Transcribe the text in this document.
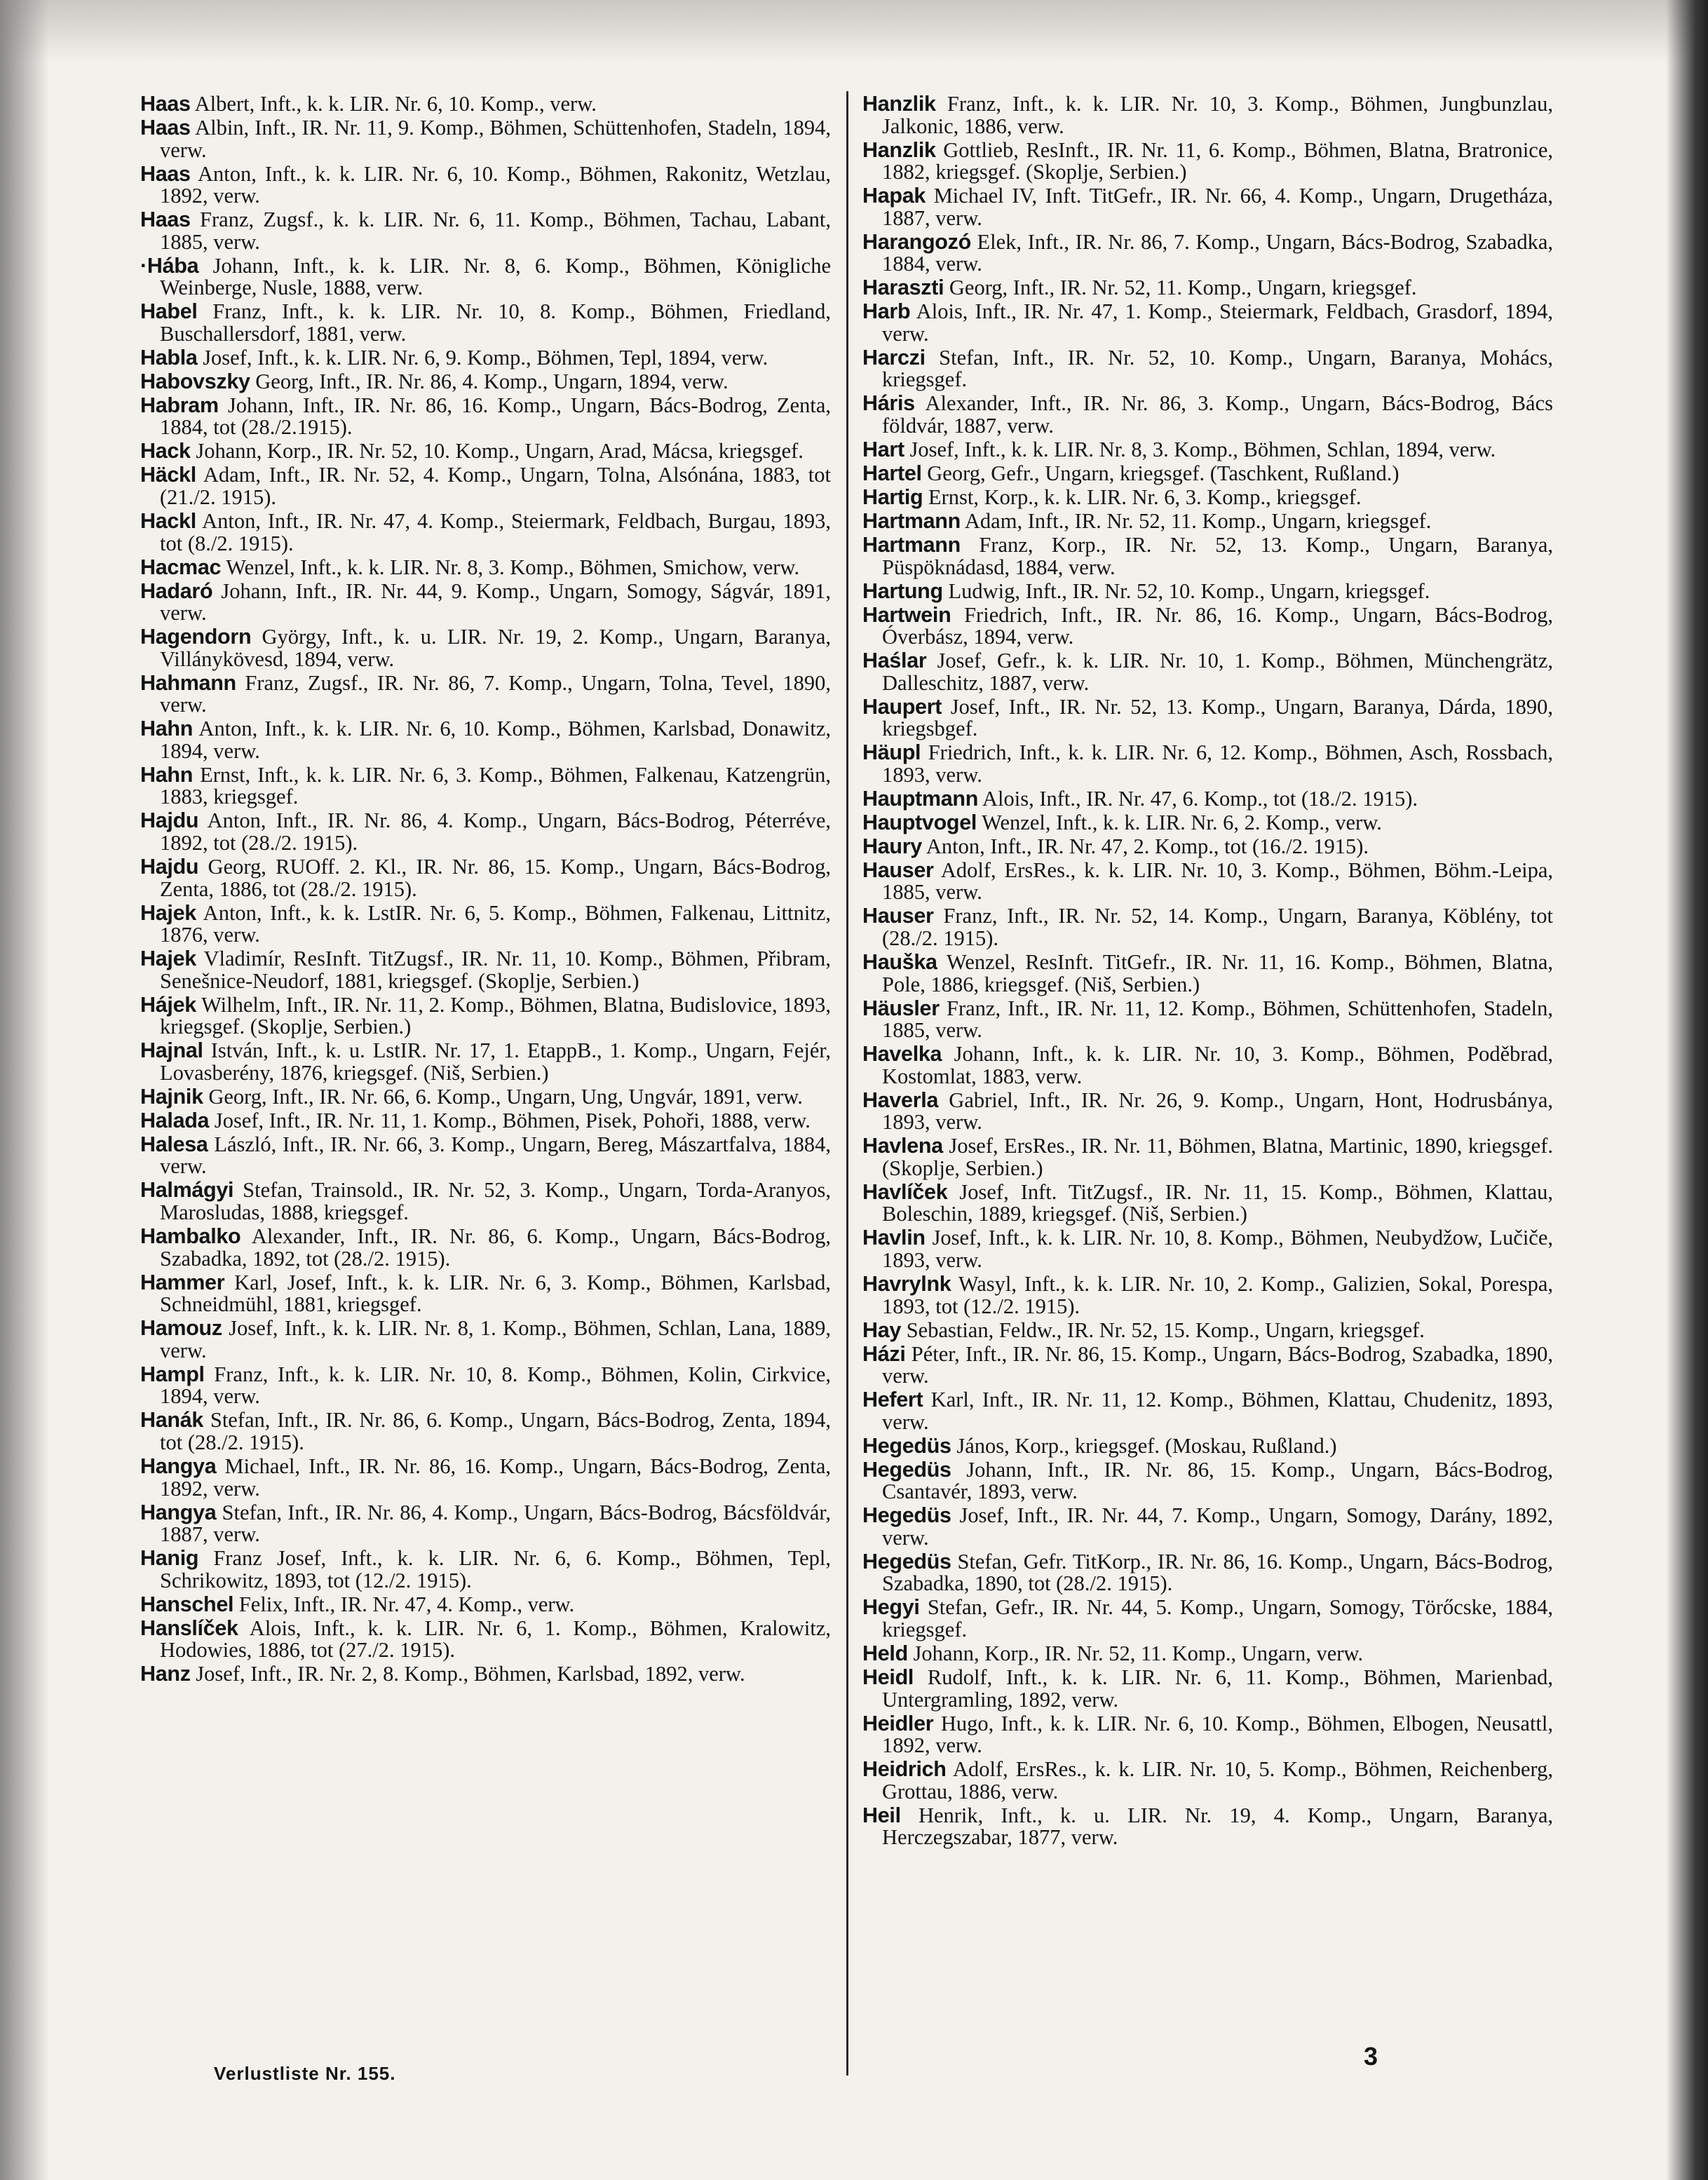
Haas Albert, Inft., k. k. LIR. Nr. 6, 10. Komp., verw.

Haas Albin, Inft., IR. Nr. 11, 9. Komp., Böhmen, Schüttenhofen, Stadeln, 1894, verw.

Haas Anton, Inft., k. k. LIR. Nr. 6, 10. Komp., Böhmen, Rakonitz, Wetzlau, 1892, verw.

Haas Franz, Zugsf., k. k. LIR. Nr. 6, 11. Komp., Böhmen, Tachau, Labant, 1885, verw.

·Hába Johann, Inft., k. k. LIR. Nr. 8, 6. Komp., Böhmen, Königliche Weinberge, Nusle, 1888, verw.

Habel Franz, Inft., k. k. LIR. Nr. 10, 8. Komp., Böhmen, Friedland, Buschallersdorf, 1881, verw.

Habla Josef, Inft., k. k. LIR. Nr. 6, 9. Komp., Böhmen, Tepl, 1894, verw.

Habovszky Georg, Inft., IR. Nr. 86, 4. Komp., Ungarn, 1894, verw.

Habram Johann, Inft., IR. Nr. 86, 16. Komp., Ungarn, Bács-Bodrog, Zenta, 1884, tot (28./2.1915).

Hack Johann, Korp., IR. Nr. 52, 10. Komp., Ungarn, Arad, Mácsa, kriegsgef.

Häckl Adam, Inft., IR. Nr. 52, 4. Komp., Ungarn, Tolna, Alsónána, 1883, tot (21./2. 1915).

Hackl Anton, Inft., IR. Nr. 47, 4. Komp., Steiermark, Feldbach, Burgau, 1893, tot (8./2. 1915).

Hacmac Wenzel, Inft., k. k. LIR. Nr. 8, 3. Komp., Böhmen, Smichow, verw.

Hadaró Johann, Inft., IR. Nr. 44, 9. Komp., Ungarn, Somogy, Ságvár, 1891, verw.

Hagendorn György, Inft., k. u. LIR. Nr. 19, 2. Komp., Ungarn, Baranya, Villánykövesd, 1894, verw.

Hahmann Franz, Zugsf., IR. Nr. 86, 7. Komp., Ungarn, Tolna, Tevel, 1890, verw.

Hahn Anton, Inft., k. k. LIR. Nr. 6, 10. Komp., Böhmen, Karlsbad, Donawitz, 1894, verw.

Hahn Ernst, Inft., k. k. LIR. Nr. 6, 3. Komp., Böhmen, Falkenau, Katzengrün, 1883, kriegsgef.

Hajdu Anton, Inft., IR. Nr. 86, 4. Komp., Ungarn, Bács-Bodrog, Péterréve, 1892, tot (28./2. 1915).

Hajdu Georg, RUOff. 2. Kl., IR. Nr. 86, 15. Komp., Ungarn, Bács-Bodrog, Zenta, 1886, tot (28./2. 1915).

Hajek Anton, Inft., k. k. LstIR. Nr. 6, 5. Komp., Böhmen, Falkenau, Littnitz, 1876, verw.

Hajek Vladimír, ResInft. TitZugsf., IR. Nr. 11, 10. Komp., Böhmen, Přibram, Senešnice-Neudorf, 1881, kriegsgef. (Skoplje, Serbien.)

Hájek Wilhelm, Inft., IR. Nr. 11, 2. Komp., Böhmen, Blatna, Budislovice, 1893, kriegsgef. (Skoplje, Serbien.)

Hajnal István, Inft., k. u. LstIR. Nr. 17, 1. EtappB., 1. Komp., Ungarn, Fejér, Lovasberény, 1876, kriegsgef. (Niš, Serbien.)

Hajnik Georg, Inft., IR. Nr. 66, 6. Komp., Ungarn, Ung, Ungvár, 1891, verw.

Halada Josef, Inft., IR. Nr. 11, 1. Komp., Böhmen, Pisek, Pohoři, 1888, verw.

Halesa László, Inft., IR. Nr. 66, 3. Komp., Ungarn, Bereg, Mászartfalva, 1884, verw.

Halmágyi Stefan, Trainsold., IR. Nr. 52, 3. Komp., Ungarn, Torda-Aranyos, Marosludas, 1888, kriegsgef.

Hambalko Alexander, Inft., IR. Nr. 86, 6. Komp., Ungarn, Bács-Bodrog, Szabadka, 1892, tot (28./2. 1915).

Hammer Karl, Josef, Inft., k. k. LIR. Nr. 6, 3. Komp., Böhmen, Karlsbad, Schneidmühl, 1881, kriegsgef.

Hamouz Josef, Inft., k. k. LIR. Nr. 8, 1. Komp., Böhmen, Schlan, Lana, 1889, verw.

Hampl Franz, Inft., k. k. LIR. Nr. 10, 8. Komp., Böhmen, Kolin, Cirkvice, 1894, verw.

Hanák Stefan, Inft., IR. Nr. 86, 6. Komp., Ungarn, Bács-Bodrog, Zenta, 1894, tot (28./2. 1915).

Hangya Michael, Inft., IR. Nr. 86, 16. Komp., Ungarn, Bács-Bodrog, Zenta, 1892, verw.

Hangya Stefan, Inft., IR. Nr. 86, 4. Komp., Ungarn, Bács-Bodrog, Bácsföldvár, 1887, verw.

Hanig Franz Josef, Inft., k. k. LIR. Nr. 6, 6. Komp., Böhmen, Tepl, Schrikowitz, 1893, tot (12./2. 1915).

Hanschel Felix, Inft., IR. Nr. 47, 4. Komp., verw.

Hanslíček Alois, Inft., k. k. LIR. Nr. 6, 1. Komp., Böhmen, Kralowitz, Hodowies, 1886, tot (27./2. 1915).

Hanz Josef, Inft., IR. Nr. 2, 8. Komp., Böhmen, Karlsbad, 1892, verw.

Hanzlik Franz, Inft., k. k. LIR. Nr. 10, 3. Komp., Böhmen, Jungbunzlau, Jalkonic, 1886, verw.

Hanzlik Gottlieb, ResInft., IR. Nr. 11, 6. Komp., Böhmen, Blatna, Bratronice, 1882, kriegsgef. (Skoplje, Serbien.)

Hapak Michael IV, Inft. TitGefr., IR. Nr. 66, 4. Komp., Ungarn, Drugetháza, 1887, verw.

Harangozó Elek, Inft., IR. Nr. 86, 7. Komp., Ungarn, Bács-Bodrog, Szabadka, 1884, verw.

Haraszti Georg, Inft., IR. Nr. 52, 11. Komp., Ungarn, kriegsgef.

Harb Alois, Inft., IR. Nr. 47, 1. Komp., Steiermark, Feldbach, Grasdorf, 1894, verw.

Harczi Stefan, Inft., IR. Nr. 52, 10. Komp., Ungarn, Baranya, Mohács, kriegsgef.

Háris Alexander, Inft., IR. Nr. 86, 3. Komp., Ungarn, Bács-Bodrog, Bács földvár, 1887, verw.

Hart Josef, Inft., k. k. LIR. Nr. 8, 3. Komp., Böhmen, Schlan, 1894, verw.

Hartel Georg, Gefr., Ungarn, kriegsgef. (Taschkent, Rußland.)

Hartig Ernst, Korp., k. k. LIR. Nr. 6, 3. Komp., kriegsgef.

Hartmann Adam, Inft., IR. Nr. 52, 11. Komp., Ungarn, kriegsgef.

Hartmann Franz, Korp., IR. Nr. 52, 13. Komp., Ungarn, Baranya, Püspöknádasd, 1884, verw.

Hartung Ludwig, Inft., IR. Nr. 52, 10. Komp., Ungarn, kriegsgef.

Hartwein Friedrich, Inft., IR. Nr. 86, 16. Komp., Ungarn, Bács-Bodrog, Óverbász, 1894, verw.

Haślar Josef, Gefr., k. k. LIR. Nr. 10, 1. Komp., Böhmen, Münchengrätz, Dalleschitz, 1887, verw.

Haupert Josef, Inft., IR. Nr. 52, 13. Komp., Ungarn, Baranya, Dárda, 1890, kriegsbgef.

Häupl Friedrich, Inft., k. k. LIR. Nr. 6, 12. Komp., Böhmen, Asch, Rossbach, 1893, verw.

Hauptmann Alois, Inft., IR. Nr. 47, 6. Komp., tot (18./2. 1915).

Hauptvogel Wenzel, Inft., k. k. LIR. Nr. 6, 2. Komp., verw.

Haury Anton, Inft., IR. Nr. 47, 2. Komp., tot (16./2. 1915).

Hauser Adolf, ErsRes., k. k. LIR. Nr. 10, 3. Komp., Böhmen, Böhm.-Leipa, 1885, verw.

Hauser Franz, Inft., IR. Nr. 52, 14. Komp., Ungarn, Baranya, Köblény, tot (28./2. 1915).

Hauška Wenzel, ResInft. TitGefr., IR. Nr. 11, 16. Komp., Böhmen, Blatna, Pole, 1886, kriegsgef. (Niš, Serbien.)

Häusler Franz, Inft., IR. Nr. 11, 12. Komp., Böhmen, Schüttenhofen, Stadeln, 1885, verw.

Havelka Johann, Inft., k. k. LIR. Nr. 10, 3. Komp., Böhmen, Poděbrad, Kostomlat, 1883, verw.

Haverla Gabriel, Inft., IR. Nr. 26, 9. Komp., Ungarn, Hont, Hodrusbánya, 1893, verw.

Havlena Josef, ErsRes., IR. Nr. 11, Böhmen, Blatna, Martinic, 1890, kriegsgef. (Skoplje, Serbien.)

Havlíček Josef, Inft. TitZugsf., IR. Nr. 11, 15. Komp., Böhmen, Klattau, Boleschin, 1889, kriegsgef. (Niš, Serbien.)

Havlin Josef, Inft., k. k. LIR. Nr. 10, 8. Komp., Böhmen, Neubydžow, Lučiče, 1893, verw.

Havrylnk Wasyl, Inft., k. k. LIR. Nr. 10, 2. Komp., Galizien, Sokal, Porespa, 1893, tot (12./2. 1915).

Hay Sebastian, Feldw., IR. Nr. 52, 15. Komp., Ungarn, kriegsgef.

Házi Péter, Inft., IR. Nr. 86, 15. Komp., Ungarn, Bács-Bodrog, Szabadka, 1890, verw.

Hefert Karl, Inft., IR. Nr. 11, 12. Komp., Böhmen, Klattau, Chudenitz, 1893, verw.

Hegedüs János, Korp., kriegsgef. (Moskau, Rußland.)

Hegedüs Johann, Inft., IR. Nr. 86, 15. Komp., Ungarn, Bács-Bodrog, Csantavér, 1893, verw.

Hegedüs Josef, Inft., IR. Nr. 44, 7. Komp., Ungarn, Somogy, Darány, 1892, verw.

Hegedüs Stefan, Gefr. TitKorp., IR. Nr. 86, 16. Komp., Ungarn, Bács-Bodrog, Szabadka, 1890, tot (28./2. 1915).

Hegyi Stefan, Gefr., IR. Nr. 44, 5. Komp., Ungarn, Somogy, Törőcske, 1884, kriegsgef.

Held Johann, Korp., IR. Nr. 52, 11. Komp., Ungarn, verw.

Heidl Rudolf, Inft., k. k. LIR. Nr. 6, 11. Komp., Böhmen, Marienbad, Untergramling, 1892, verw.

Heidler Hugo, Inft., k. k. LIR. Nr. 6, 10. Komp., Böhmen, Elbogen, Neusattl, 1892, verw.

Heidrich Adolf, ErsRes., k. k. LIR. Nr. 10, 5. Komp., Böhmen, Reichenberg, Grottau, 1886, verw.

Heil Henrik, Inft., k. u. LIR. Nr. 19, 4. Komp., Ungarn, Baranya, Herczegszabar, 1877, verw.

Verlustliste Nr. 155.
3
